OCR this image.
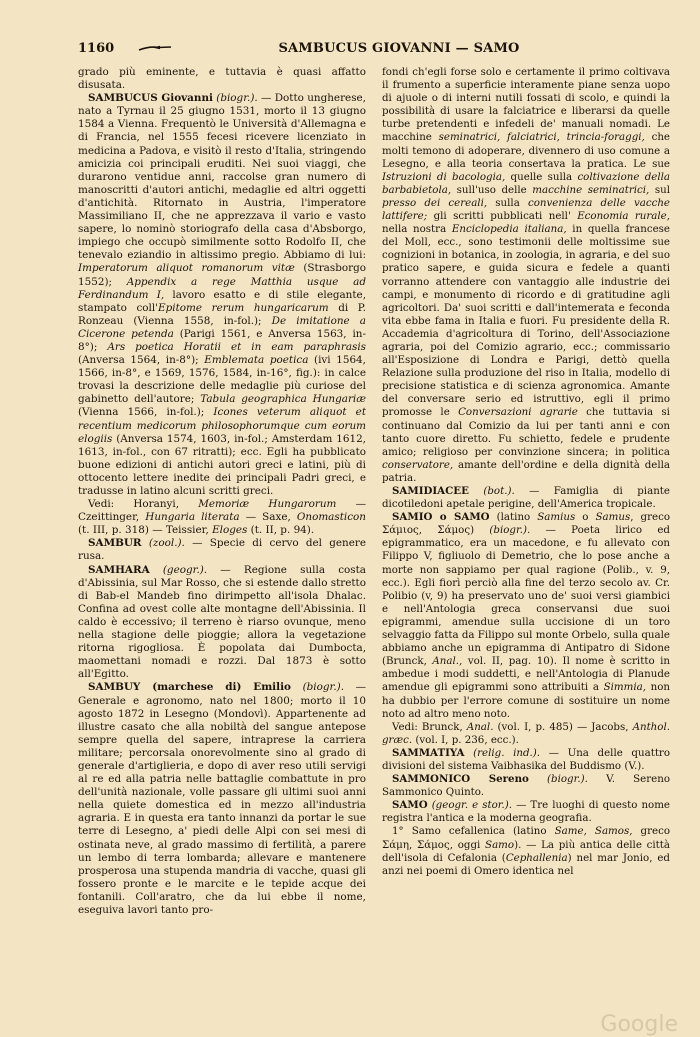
1160	SAMBUCUS GIOVANNI — SAMO

grado più eminente, e tuttavia è quasi affatto disusata.

SAMBUCUS Giovanni (biogr.). — Dotto ungherese, nato a Tyrnau il 25 giugno 1531, morto il 13 giugno 1584 a Vienna. Frequentò le Università d'Allemagna e di Francia, nel 1555 fecesi ricevere licenziato in medicina a Padova, e visitò il resto d'Italia, stringendo amicizia coi principali eruditi. Nei suoi viaggi, che durarono ventidue anni, raccolse gran numero di manoscritti d'autori antichi, medaglie ed altri oggetti d'antichità. Ritornato in Austria, l'imperatore Massimiliano II, che ne apprezzava il vario e vasto sapere, lo nominò storiografo della casa d'Absborgo, impiego che occupò similmente sotto Rodolfo II, che tenevalo eziandio in altissimo pregio. Abbiamo di lui: Imperatorum aliquot romanorum vitæ (Strasborgo 1552); Appendix a rege Matthia usque ad Ferdinandum I, lavoro esatto e di stile elegante, stampato coll'Epitome rerum hungaricarum di P. Ronzeau (Vienna 1558, in-fol.); De imitatione a Cicerone petenda (Parigi 1561, e Anversa 1563, in-8°); Ars poetica Horatii et in eam paraphrasis (Anversa 1564, in-8°); Emblemata poetica (ivi 1564, 1566, in-8°, e 1569, 1576, 1584, in-16°, fig.): in calce trovasi la descrizione delle medaglie più curiose del gabinetto dell'autore; Tabula geographica Hungariæ (Vienna 1566, in-fol.); Icones veterum aliquot et recentium medicorum philosophorumque cum eorum elogiis (Anversa 1574, 1603, in-fol.; Amsterdam 1612, 1613, in-fol., con 67 ritratti); ecc. Egli ha pubblicato buone edizioni di antichi autori greci e latini, più di ottocento lettere inedite dei principali Padri greci, e tradusse in latino alcuni scritti greci.

Vedi: Horanyi, Memoriæ Hungarorum — Czeittinger, Hungaria literata — Saxe, Onomasticon (t. III, p. 318) — Teissier, Eloges (t. II, p. 94).

SAMBUR (zool.). — Specie di cervo del genere rusa.

SAMHARA (geogr.). — Regione sulla costa d'Abissinia, sul Mar Rosso, che si estende dallo stretto di Bab-el Mandeb fino dirimpetto all'isola Dhalac. Confina ad ovest colle alte montagne dell'Abissinia. Il caldo è eccessivo; il terreno è riarso ovunque, meno nella stagione delle pioggie; allora la vegetazione ritorna rigogliosa. È popolata dai Dumbocta, maomettani nomadi e rozzi. Dal 1873 è sotto all'Egitto.

SAMBUY (marchese di) Emilio (biogr.). — Generale e agronomo, nato nel 1800; morto il 10 agosto 1872 in Lesegno (Mondovì). Appartenente ad illustre casato che alla nobiltà del sangue antepose sempre quella del sapere, intraprese la carriera militare; percorsala onorevolmente sino al grado di generale d'artiglieria, e dopo di aver reso utili servigi al re ed alla patria nelle battaglie combattute in pro dell'unità nazionale, volle passare gli ultimi suoi anni nella quiete domestica ed in mezzo all'industria agraria. E in questa era tanto innanzi da portar le sue terre di Lesegno, a' piedi delle Alpi con sei mesi di ostinata neve, al grado massimo di fertilità, a parere un lembo di terra lombarda; allevare e mantenere prosperosa una stupenda mandria di vacche, quasi gli fossero pronte e le marcite e le tepide acque dei fontanili. Coll'aratro, che da lui ebbe il nome, eseguiva lavori tanto pro-

fondi ch'egli forse solo e certamente il primo coltivava il frumento a superficie interamente piane senza uopo di ajuole o di interni nutili fossati di scolo, e quindi la possibilità di usare la falciatrice e liberarsi da quelle turbe pretendenti e infedeli de' manuali nomadi. Le macchine seminatrici, falciatrici, trincia-foraggi, che molti temono di adoperare, divennero di uso comune a Lesegno, e alla teoria consertava la pratica. Le sue Istruzioni di bacologia, quelle sulla coltivazione della barbabietola, sull'uso delle macchine seminatrici, sul presso dei cereali, sulla convenienza delle vacche lattifere; gli scritti pubblicati nell' Economia rurale, nella nostra Enciclopedia italiana, in quella francese del Moll, ecc., sono testimonii delle moltissime sue cognizioni in botanica, in zoologia, in agraria, e del suo pratico sapere, e guida sicura e fedele a quanti vorranno attendere con vantaggio alle industrie dei campi, e monumento di ricordo e di gratitudine agli agricoltori. Da' suoi scritti e dall'intemerata e feconda vita ebbe fama in Italia e fuori. Fu presidente della R. Accademia d'agricoltura di Torino, dell'Associazione agraria, poi del Comizio agrario, ecc.; commissario all'Esposizione di Londra e Parigi, dettò quella Relazione sulla produzione del riso in Italia, modello di precisione statistica e di scienza agronomica. Amante del conversare serio ed istruttivo, egli il primo promosse le Conversazioni agrarie che tuttavia si continuano dal Comizio da lui per tanti anni e con tanto cuore diretto. Fu schietto, fedele e prudente amico; religioso per convinzione sincera; in politica conservatore, amante dell'ordine e della dignità della patria.

SAMIDIACEE (bot.). — Famiglia di piante dicotiledoni apetale perigine, dell'America tropicale.

SAMIO o SAMO (latino Samius o Samus, greco Σάμιος, Σάμος) (biogr.). — Poeta lirico ed epigrammatico, era un macedone, e fu allevato con Filippo V, figliuolo di Demetrio, che lo pose anche a morte non sappiamo per qual ragione (Polib., v. 9, ecc.). Egli fiorì perciò alla fine del terzo secolo av. Cr. Polibio (v, 9) ha preservato uno de' suoi versi giambici e nell'Antologia greca conservansi due suoi epigrammi, amendue sulla uccisione di un toro selvaggio fatta da Filippo sul monte Orbelo, sulla quale abbiamo anche un epigramma di Antipatro di Sidone (Brunck, Anal., vol. II, pag. 10). Il nome è scritto in ambedue i modi suddetti, e nell'Antologia di Planude amendue gli epigrammi sono attribuiti a Simmia, non ha dubbio per l'errore comune di sostituire un nome noto ad altro meno noto.

Vedi: Brunck, Anal. (vol. I, p. 485) — Jacobs, Anthol. græc. (vol. I, p. 236, ecc.).

SAMMATIYA (relig. ind.). — Una delle quattro divisioni del sistema Vaibhasika del Buddismo (V.).

SAMMONICO Sereno (biogr.). V. Sereno Sammonico Quinto.

SAMO (geogr. e stor.). — Tre luoghi di questo nome registra l'antica e la moderna geografia.

1° Samo cefallenica (latino Same, Samos, greco Σάμη, Σάμος, oggi Samo). — La più antica delle città dell'isola di Cefalonia (Cephallenia) nel mar Jonio, ed anzi nei poemi di Omero identica nel

Google
